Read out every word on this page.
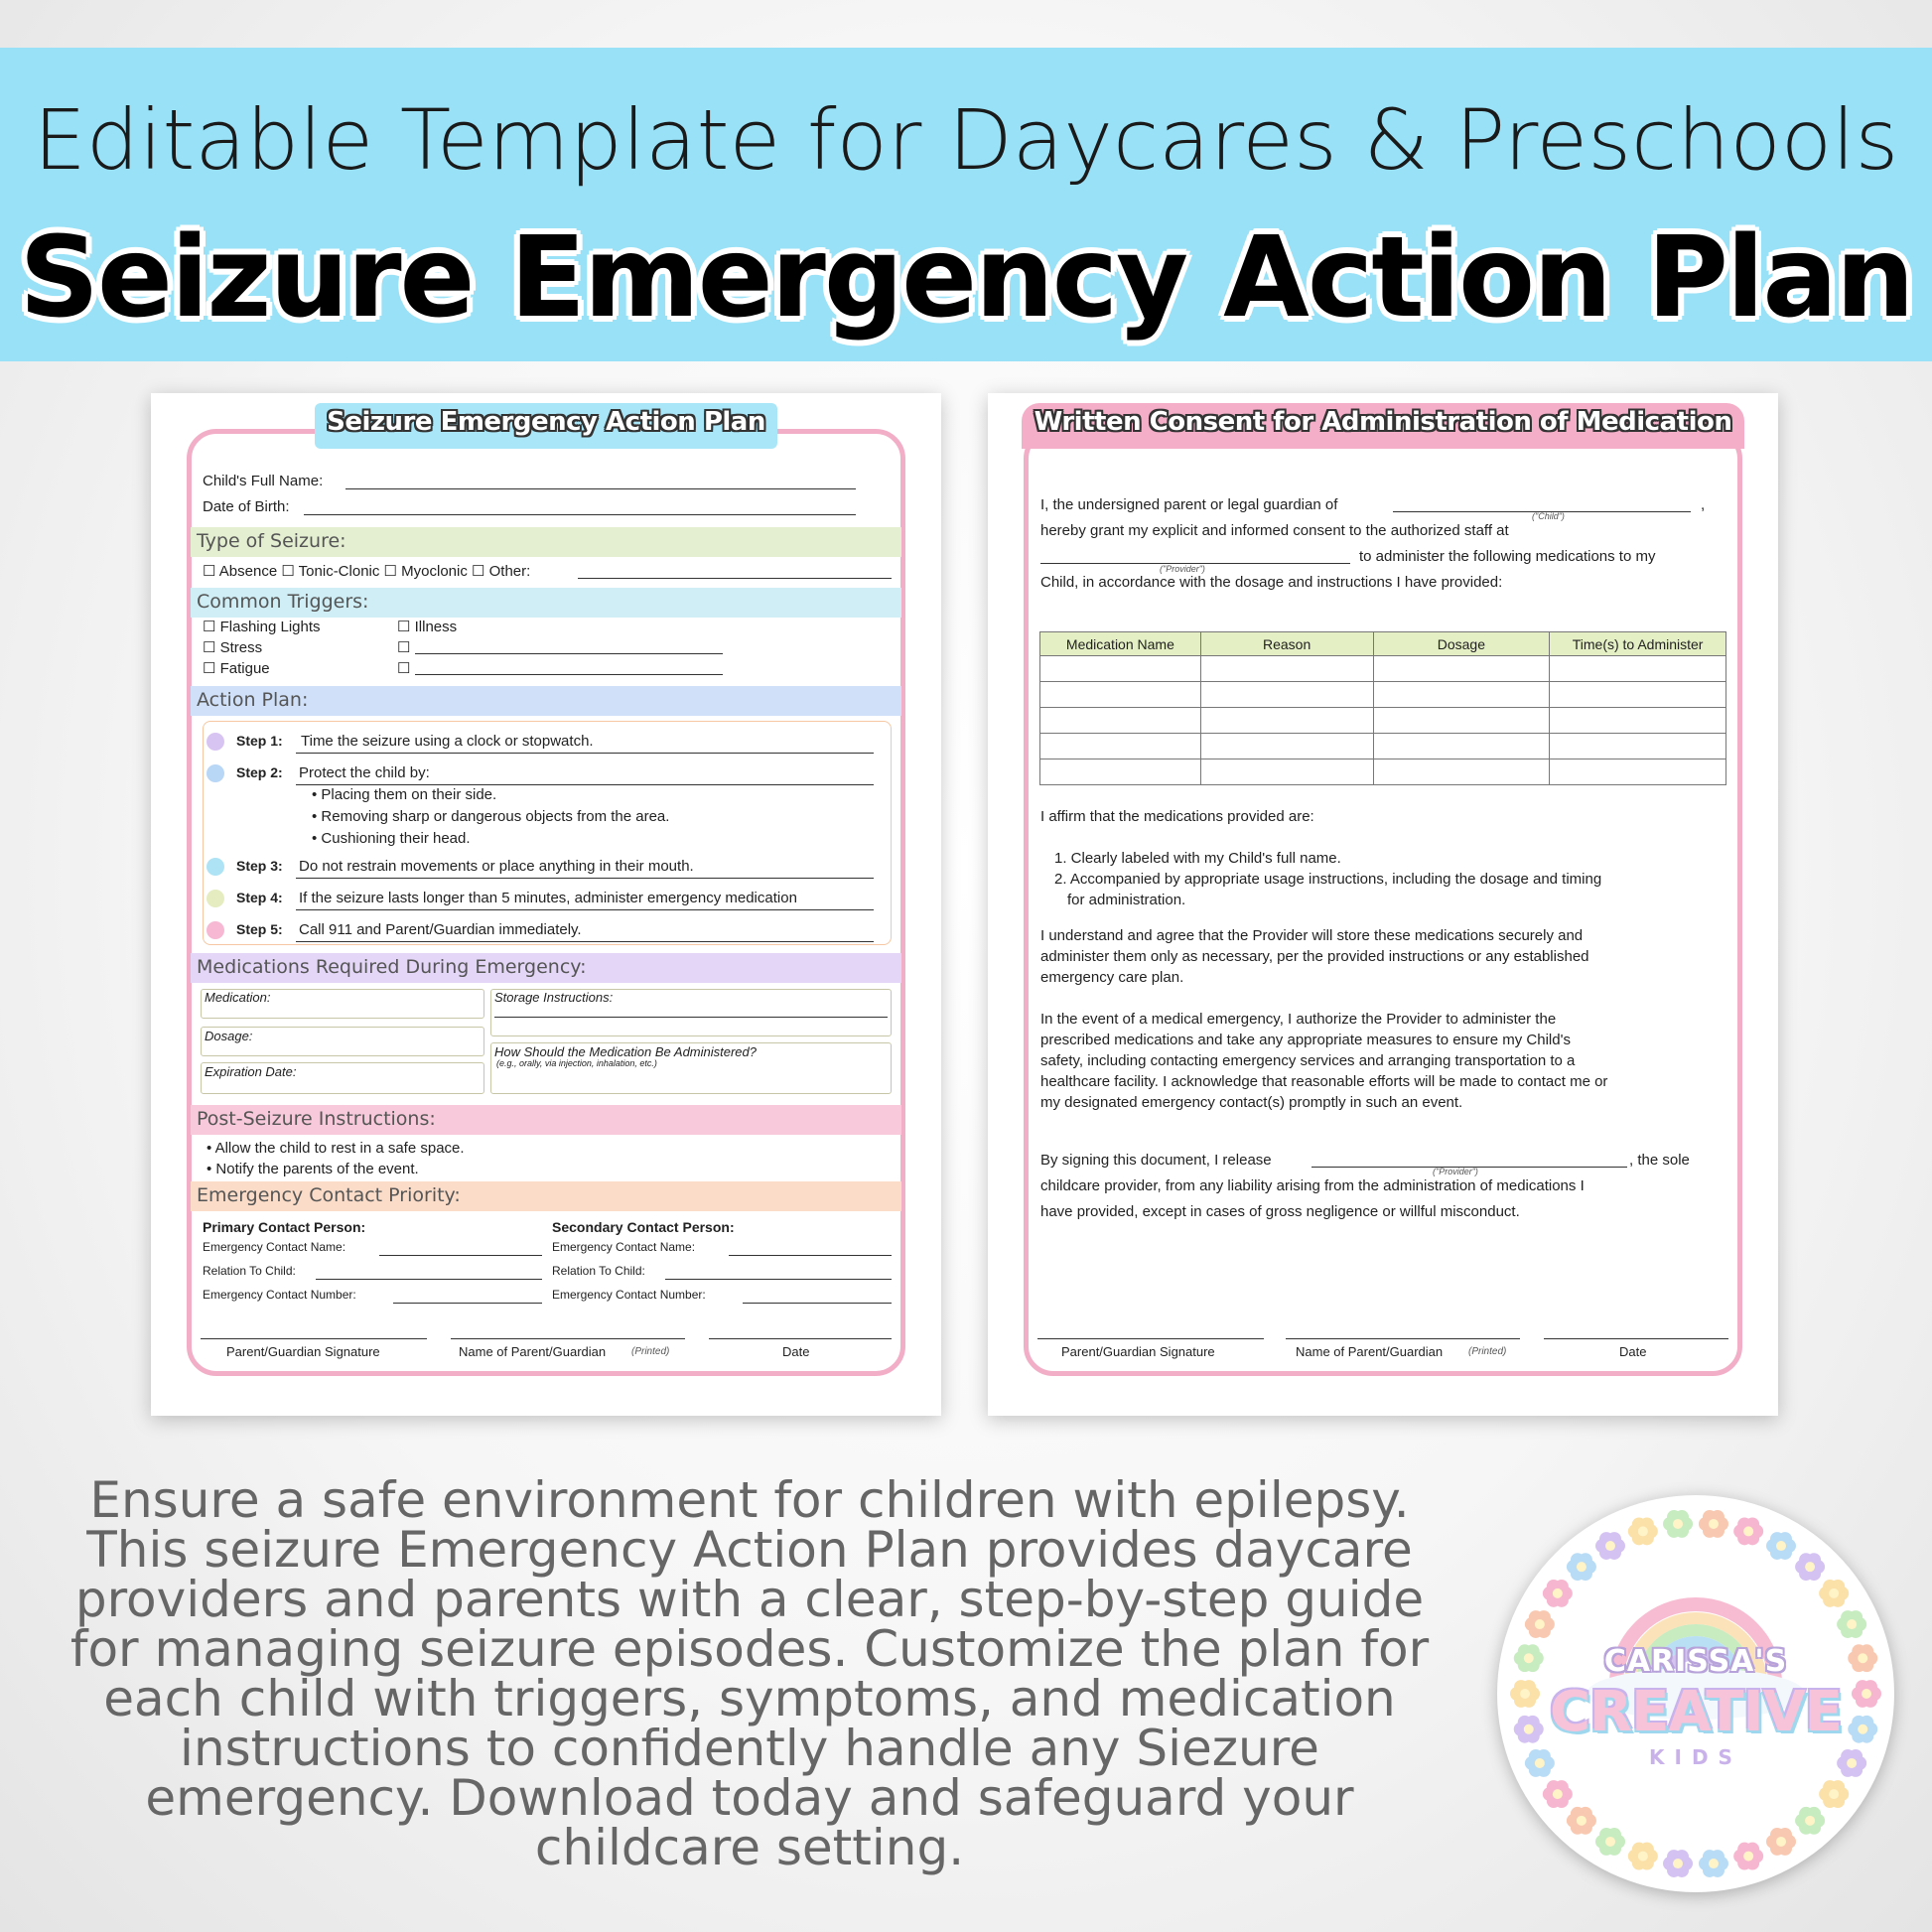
Editable Template for Daycares & Preschools
Seizure Emergency Action Plan
Seizure Emergency Action Plan
Child's Full Name:
Date of Birth:
Type of Seizure:
☐ Absence ☐ Tonic-Clonic ☐ Myoclonic ☐ Other:
Common Triggers:
☐ Flashing Lights
☐ Stress
☐ Fatigue
☐ Illness
☐
☐
Action Plan:
Step 1: Time the seizure using a clock or stopwatch.
Step 2: Protect the child by:
• Placing them on their side.
• Removing sharp or dangerous objects from the area.
• Cushioning their head.
Step 3: Do not restrain movements or place anything in their mouth.
Step 4: If the seizure lasts longer than 5 minutes, administer emergency medication
Step 5: Call 911 and Parent/Guardian immediately.
Medications Required During Emergency:
Medication:
Dosage:
Expiration Date:
Storage Instructions:
How Should the Medication Be Administered?
(e.g., orally, via injection, inhalation, etc.)
Post-Seizure Instructions:
• Allow the child to rest in a safe space.
• Notify the parents of the event.
Emergency Contact Priority:
Primary Contact Person:
Emergency Contact Name:
Relation To Child:
Emergency Contact Number:
Secondary Contact Person:
Emergency Contact Name:
Relation To Child:
Emergency Contact Number:
Parent/Guardian Signature	Name of Parent/Guardian	(Printed)	Date
Written Consent for Administration of Medication
I, the undersigned parent or legal guardian of	,
("Child")
hereby grant my explicit and informed consent to the authorized staff at
("Provider")
to administer the following medications to my
Child, in accordance with the dosage and instructions I have provided:
Medication Name	Reason	Dosage	Time(s) to Administer

I affirm that the medications provided are:
1. Clearly labeled with my Child's full name.
2. Accompanied by appropriate usage instructions, including the dosage and timing
for administration.
I understand and agree that the Provider will store these medications securely and
administer them only as necessary, per the provided instructions or any established
emergency care plan.
In the event of a medical emergency, I authorize the Provider to administer the
prescribed medications and take any appropriate measures to ensure my Child's
safety, including contacting emergency services and arranging transportation to a
healthcare facility. I acknowledge that reasonable efforts will be made to contact me or
my designated emergency contact(s) promptly in such an event.
By signing this document, I release
("Provider")
, the sole
childcare provider, from any liability arising from the administration of medications I
have provided, except in cases of gross negligence or willful misconduct.
Parent/Guardian Signature	Name of Parent/Guardian	(Printed)	Date
Ensure a safe environment for children with epilepsy. This seizure Emergency Action Plan provides daycare providers and parents with a clear, step-by-step guide for managing seizure episodes. Customize the plan for each child with triggers, symptoms, and medication instructions to confidently handle any Siezure emergency. Download today and safeguard your childcare setting.
CARISSA'S
CREATIVE
KIDS
